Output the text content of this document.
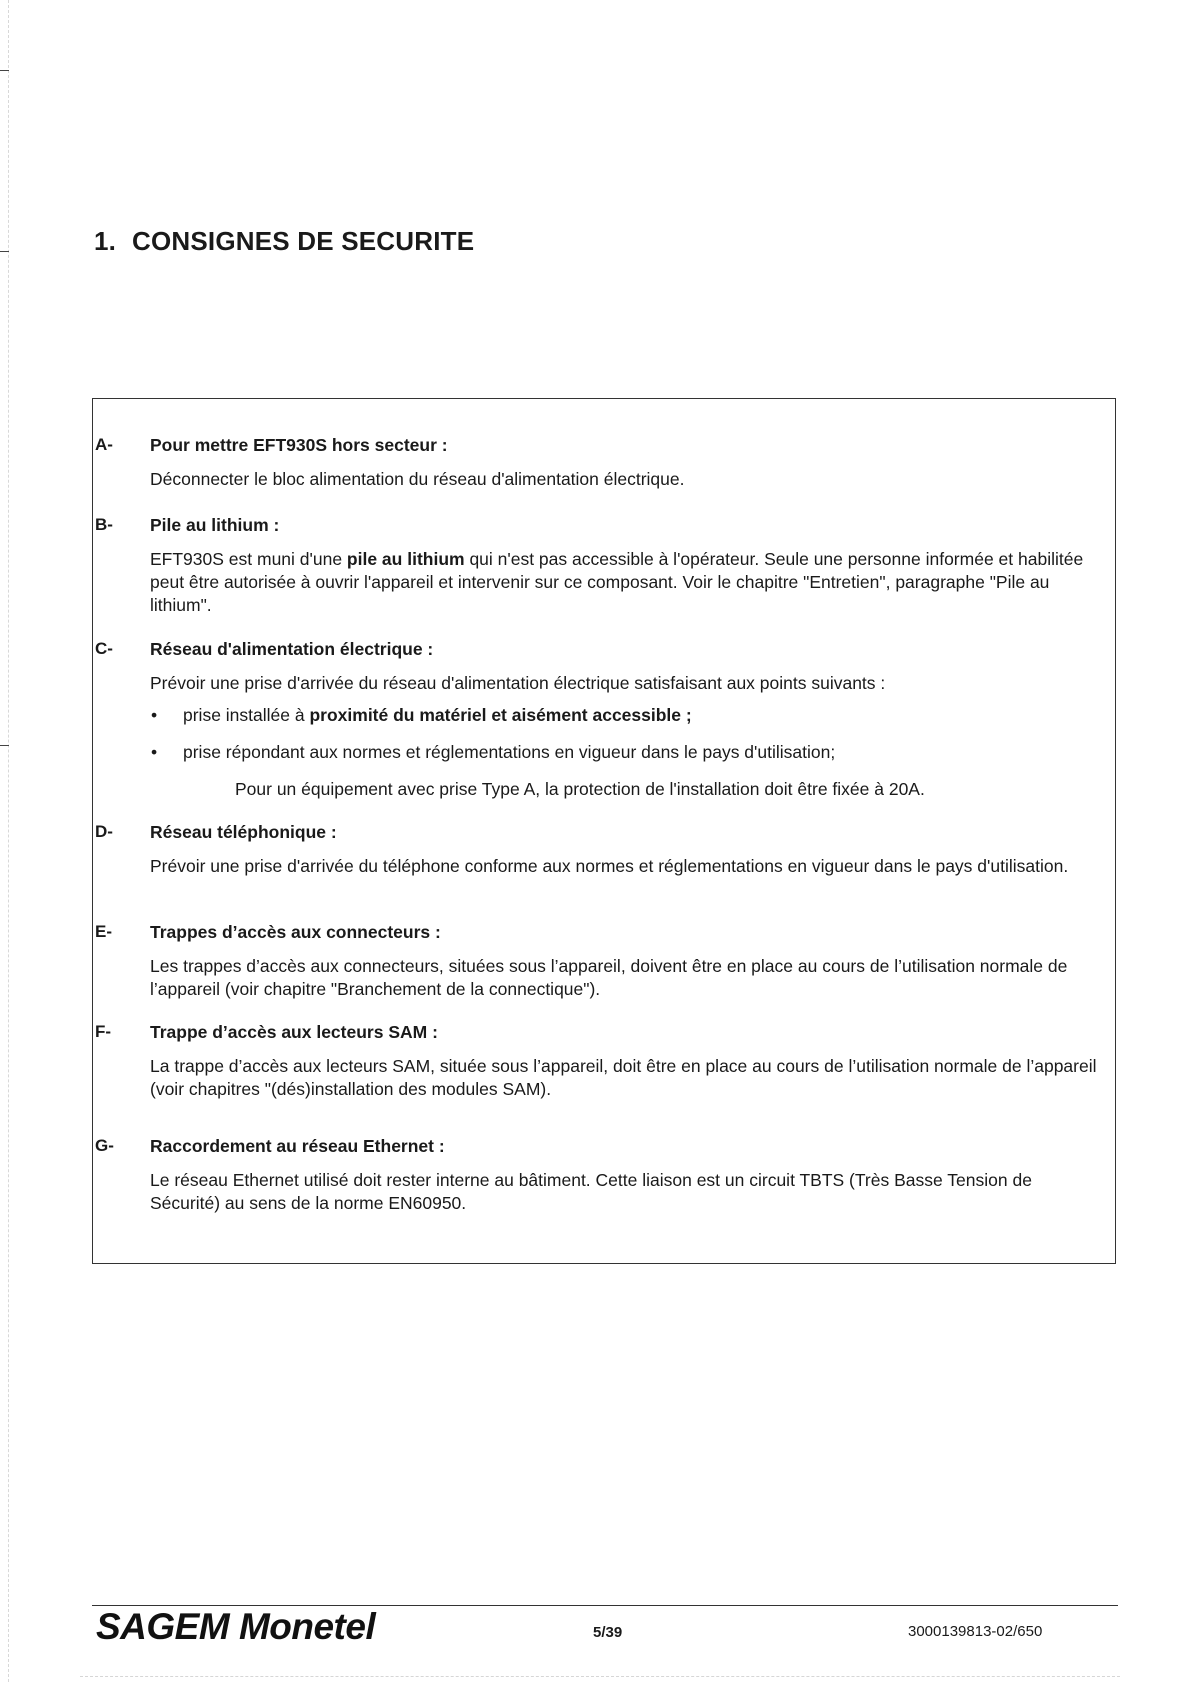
1. CONSIGNES DE SECURITE
A- Pour mettre EFT930S hors secteur :

Déconnecter le bloc alimentation du réseau d'alimentation électrique.

B- Pile au lithium :

EFT930S est muni d'une pile au lithium qui n'est pas accessible à l'opérateur. Seule une personne informée et habilitée peut être autorisée à ouvrir l'appareil et intervenir sur ce composant. Voir le chapitre "Entretien", paragraphe "Pile au lithium".

C- Réseau d'alimentation électrique :

Prévoir une prise d'arrivée du réseau d'alimentation électrique satisfaisant aux points suivants :

• prise installée à proximité du matériel et aisément accessible ;
• prise répondant aux normes et réglementations en vigueur dans le pays d'utilisation;
Pour un équipement avec prise Type A, la protection de l'installation doit être fixée à 20A.
D- Réseau téléphonique :

Prévoir une prise d'arrivée du téléphone conforme aux normes et réglementations en vigueur dans le pays d'utilisation.

E- Trappes d’accès aux connecteurs :

Les trappes d’accès aux connecteurs, situées sous l’appareil, doivent être en place au cours de l’utilisation normale de l’appareil (voir chapitre "Branchement de la connectique").

F- Trappe d’accès aux lecteurs SAM :

La trappe d’accès aux lecteurs SAM, située sous l’appareil, doit être en place au cours de l’utilisation normale de l’appareil (voir chapitres "(dés)installation des modules SAM).

G- Raccordement au réseau Ethernet :

Le réseau Ethernet utilisé doit rester interne au bâtiment. Cette liaison est un circuit TBTS (Très Basse Tension de Sécurité) au sens de la norme EN60950.

SAGEM Monetel	5/39	3000139813-02/650
